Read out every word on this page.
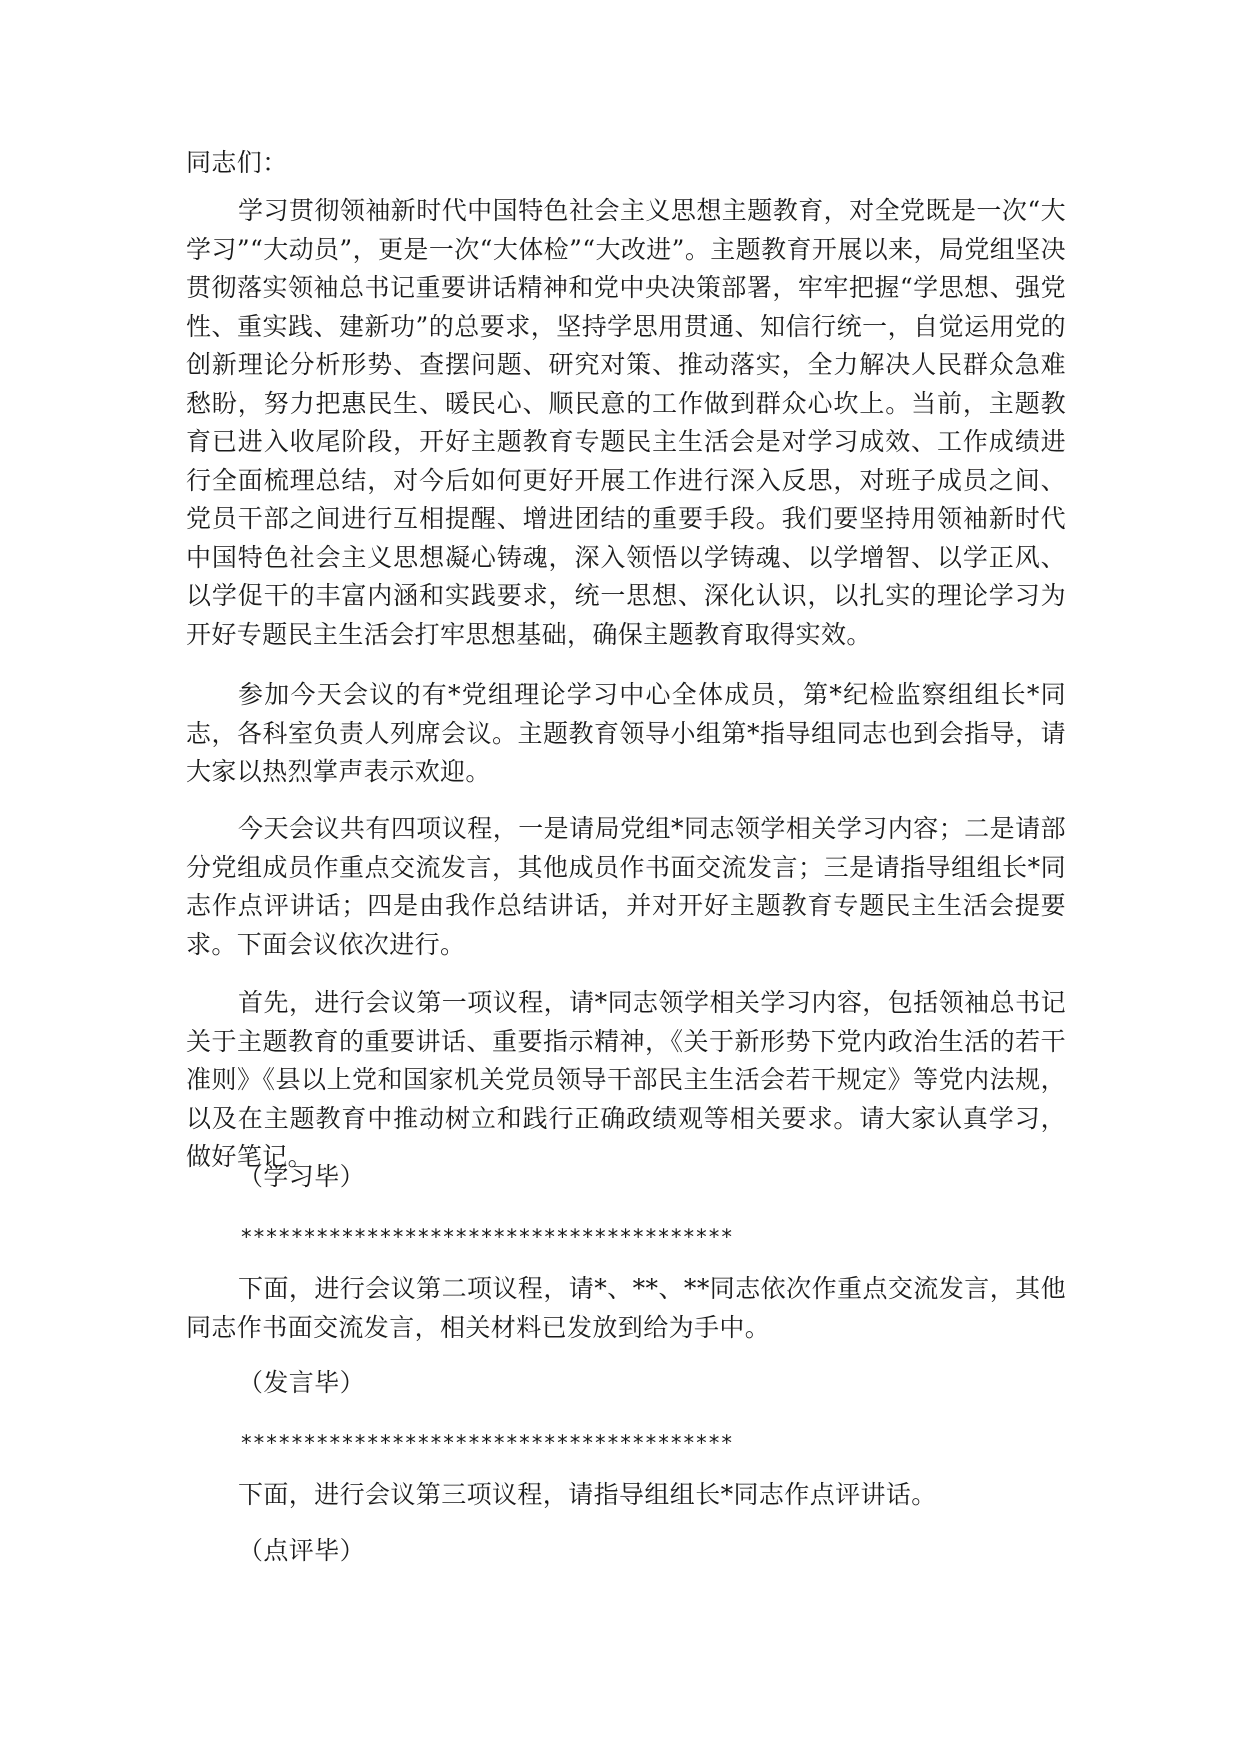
同志们：
学习贯彻领袖新时代中国特色社会主义思想主题教育，对全党既是一次“大学习”“大动员”，更是一次“大体检”“大改进”。主题教育开展以来，局党组坚决贯彻落实领袖总书记重要讲话精神和党中央决策部署，牢牢把握“学思想、强党性、重实践、建新功”的总要求，坚持学思用贯通、知信行统一，自觉运用党的创新理论分析形势、查摆问题、研究对策、推动落实，全力解决人民群众急难愁盼，努力把惠民生、暖民心、顺民意的工作做到群众心坎上。当前，主题教育已进入收尾阶段，开好主题教育专题民主生活会是对学习成效、工作成绩进行全面梳理总结，对今后如何更好开展工作进行深入反思，对班子成员之间、党员干部之间进行互相提醒、增进团结的重要手段。我们要坚持用领袖新时代中国特色社会主义思想凝心铸魂，深入领悟以学铸魂、以学增智、以学正风、以学促干的丰富内涵和实践要求，统一思想、深化认识，以扎实的理论学习为开好专题民主生活会打牢思想基础，确保主题教育取得实效。
参加今天会议的有*党组理论学习中心全体成员，第*纪检监察组组长*同志，各科室负责人列席会议。主题教育领导小组第*指导组同志也到会指导，请大家以热烈掌声表示欢迎。
今天会议共有四项议程，一是请局党组*同志领学相关学习内容；二是请部分党组成员作重点交流发言，其他成员作书面交流发言；三是请指导组组长*同志作点评讲话；四是由我作总结讲话，并对开好主题教育专题民主生活会提要求。下面会议依次进行。
首先，进行会议第一项议程，请*同志领学相关学习内容，包括领袖总书记关于主题教育的重要讲话、重要指示精神，《关于新形势下党内政治生活的若干准则》《县以上党和国家机关党员领导干部民主生活会若干规定》等党内法规，以及在主题教育中推动树立和践行正确政绩观等相关要求。请大家认真学习，做好笔记。
（学习毕）
***************************************
下面，进行会议第二项议程，请*、**、**同志依次作重点交流发言，其他同志作书面交流发言，相关材料已发放到给为手中。
（发言毕）
***************************************
下面，进行会议第三项议程，请指导组组长*同志作点评讲话。
（点评毕）
